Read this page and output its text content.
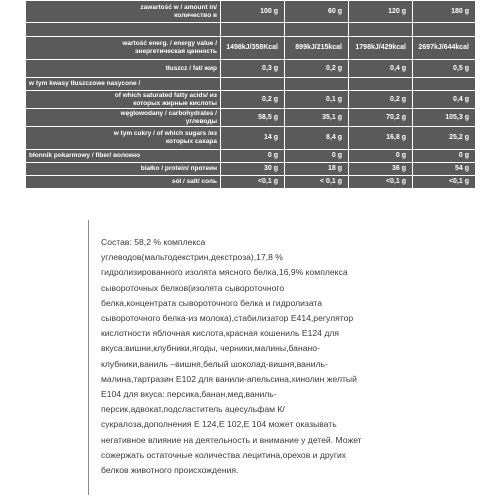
zawartość w / amount in/
количество в	100 g	60 g	120 g	180 g

wartość energ. / energy value /
энергетическая ценность	1498kJ/358Kcal	899kJ/215kcal	1798kJ/429kcal	2697kJ/644kcal
tłuszcz / fat/ жир	0,3 g	0,2 g	0,4 g	0,5 g
w tym kwasy tłuszczowe nasycone /				
of which saturated fatty acids/ из
которых жирные кислоты	0,2 g	0,1 g	0,2 g	0,4 g
węglowodany / carbohydrates /
углеводы	58,5 g	35,1 g	70,2 g	105,3 g
w tym cukry / of which sugars /из
которых сахара	14 g	8,4 g	16,8 g	25,2 g
błonnik pokarmowy / fiber/ волокно	0 g	0 g	0 g	0 g
białko / protein/ протеин	30 g	18 g	36 g	54 g
sól / salt/ соль	<0,1 g	< 0,1 g	<0,1 g	<0,1 g
Состав: 58,2 % комплекса
углеводов(мальтодекстрин,декстроза),17,8 %
гидролизированного изолята мясного белка,16,9% комплекса
сывороточных белков(изолята сывороточного
белка,концентрата сывороточного белка и гидролизата
сывороточного белка-из молока),стабилизатор E414,регулятор
кислотности яблочная кислота,красная кошениль E124 для
вкуса:вишни,клубники,ягоды, черники,малины,банано-
клубники,ваниль –вишня,белый шоколад-вишня,ваниль-
малина,тартразин E102 для ванили-апельсина,хинолин желтый
E104 для вкуса: персика,банан,мед,ваниль-
персик,адвокат,подсластитель ацесульфам К/
сукралоза,дополнения E 124,E 102,E 104 может оказывать
негативное влияние на деятельность и внимание у детей. Может
сожержать остаточные количества лецитина,орехов и других
белков животного происхождения.
